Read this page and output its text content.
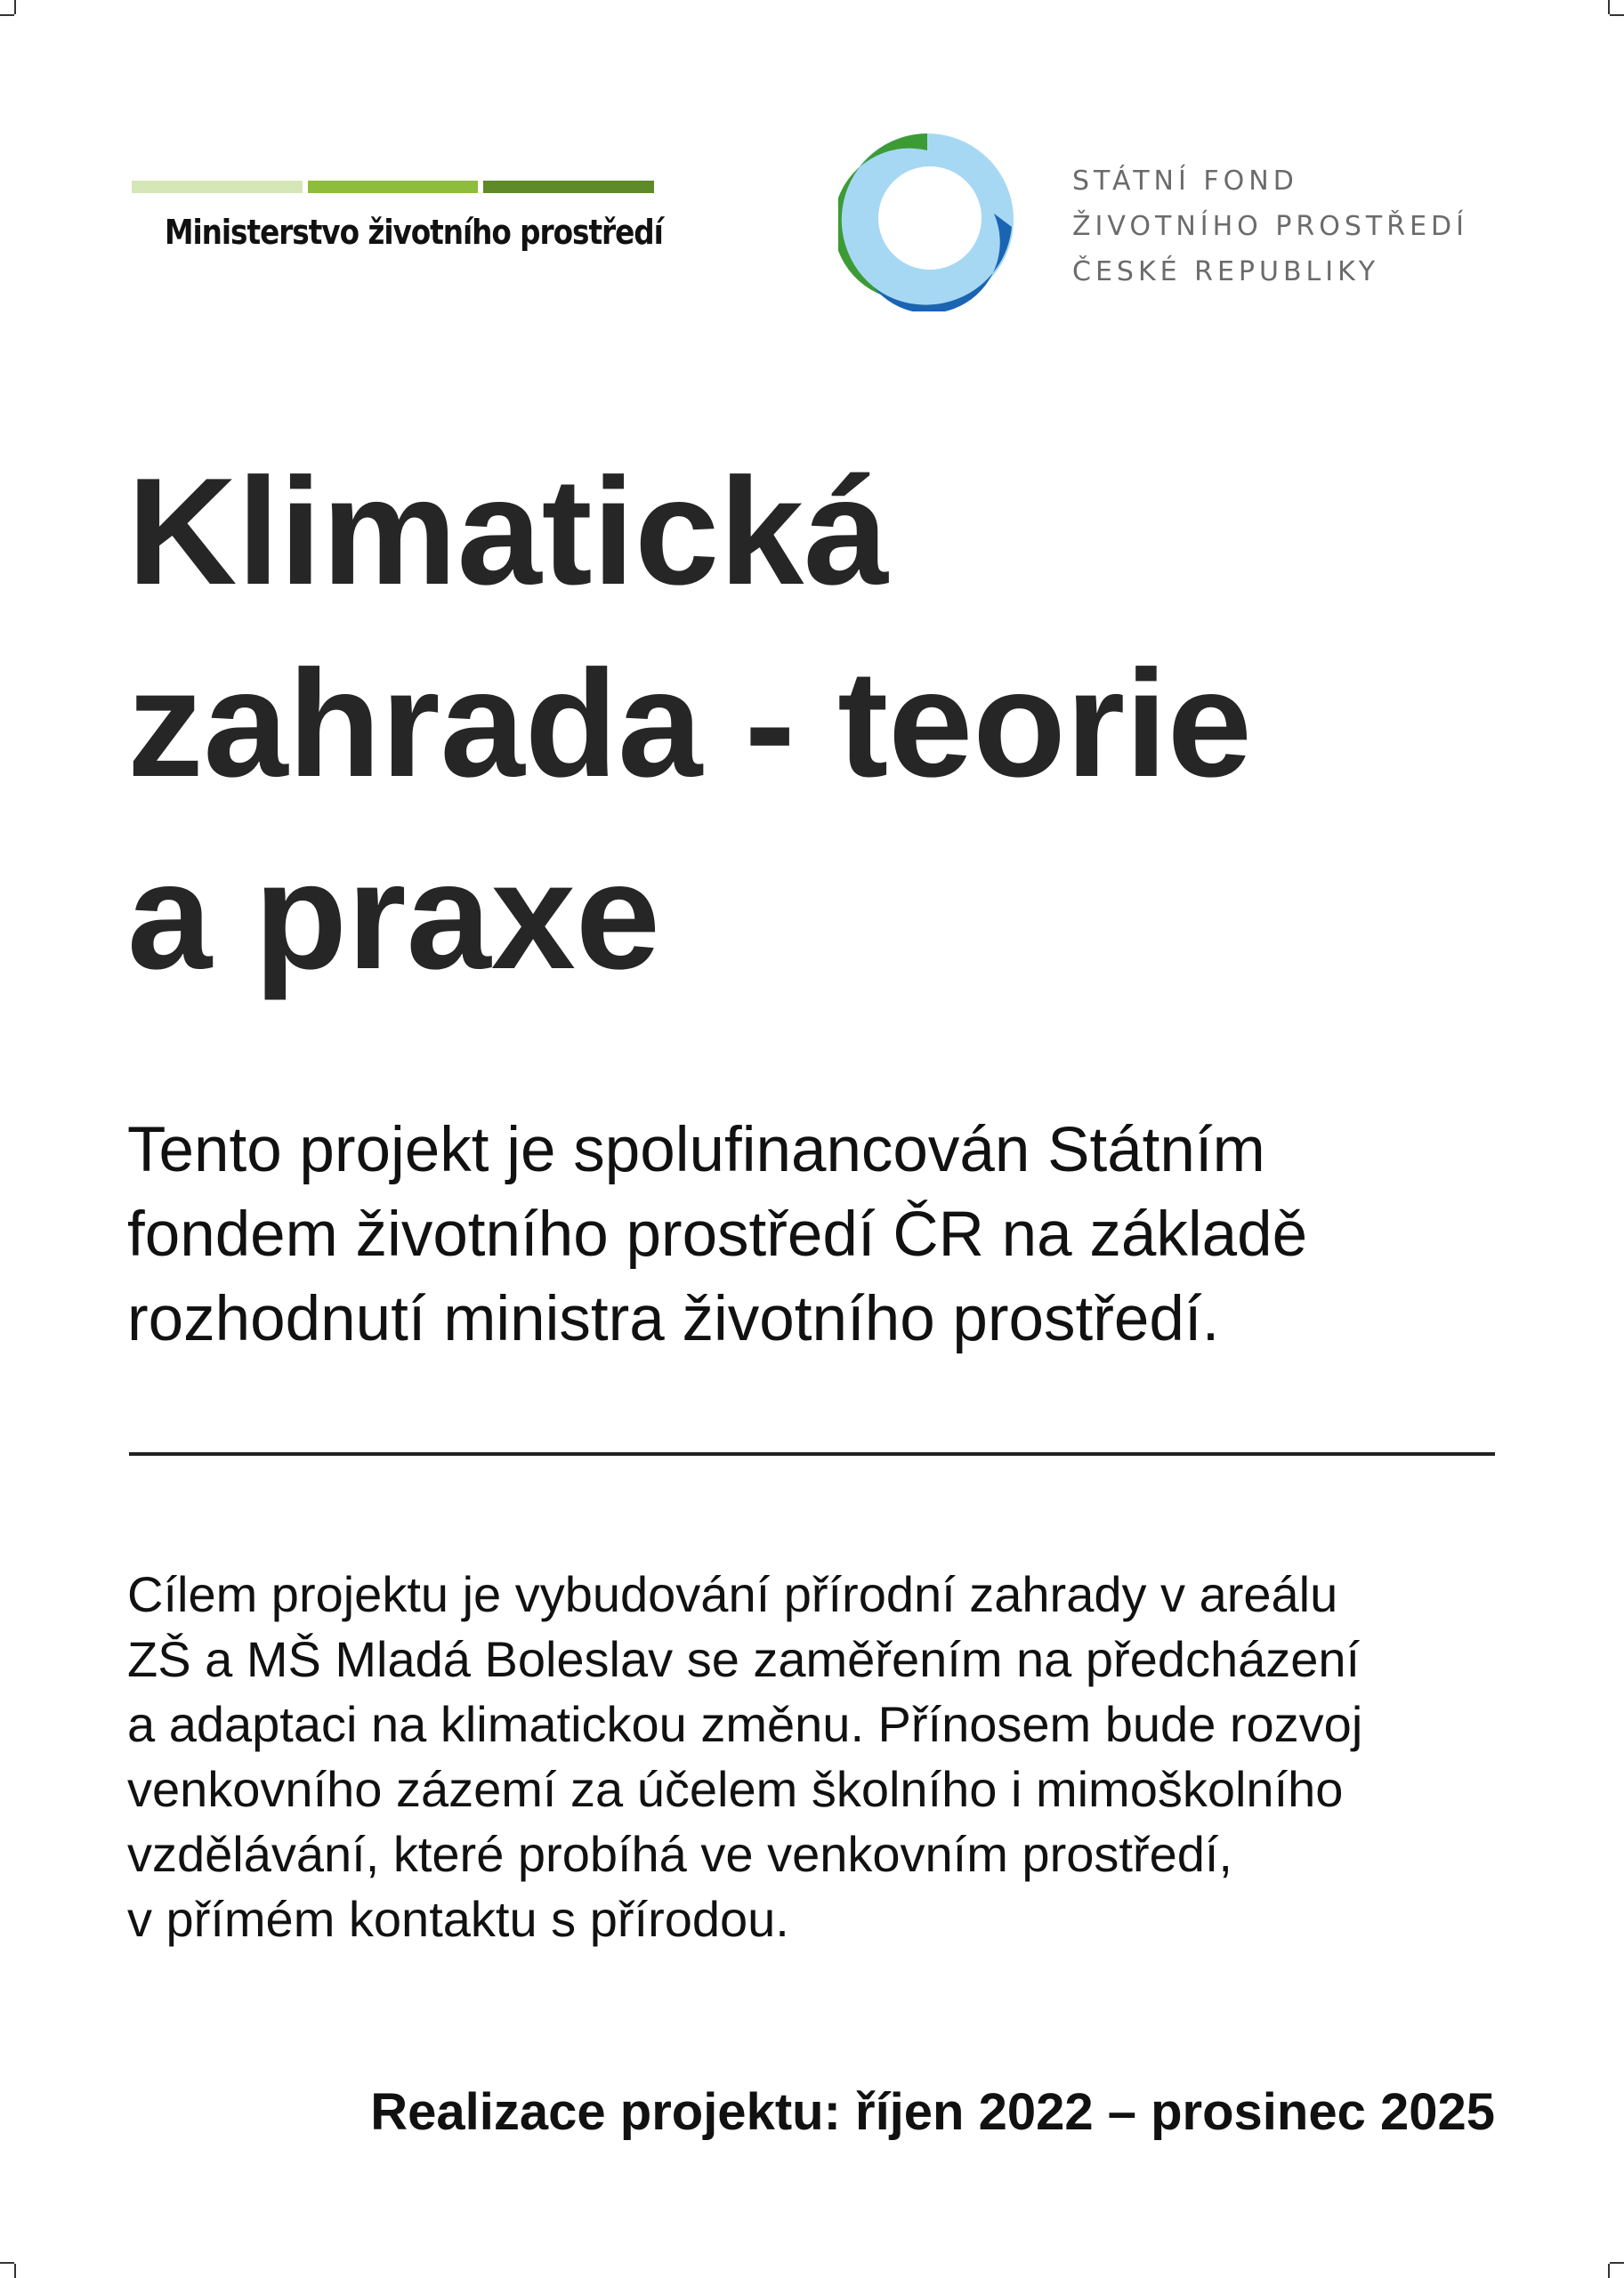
Ministerstvo životního prostředí
STÁTNÍ FOND
ŽIVOTNÍHO PROSTŘEDÍ
ČESKÉ REPUBLIKY
Klimatická
zahrada - teorie
a praxe

Tento projekt je spolufinancován Státním
fondem životního prostředí ČR na základě
rozhodnutí ministra životního prostředí.

Cílem projektu je vybudování přírodní zahrady v areálu
ZŠ a MŠ Mladá Boleslav se zaměřením na předcházení
a adaptaci na klimatickou změnu. Přínosem bude rozvoj
venkovního zázemí za účelem školního i mimoškolního
vzdělávání, které probíhá ve venkovním prostředí,
v přímém kontaktu s přírodou.

Realizace projektu: říjen 2022 – prosinec 2025
